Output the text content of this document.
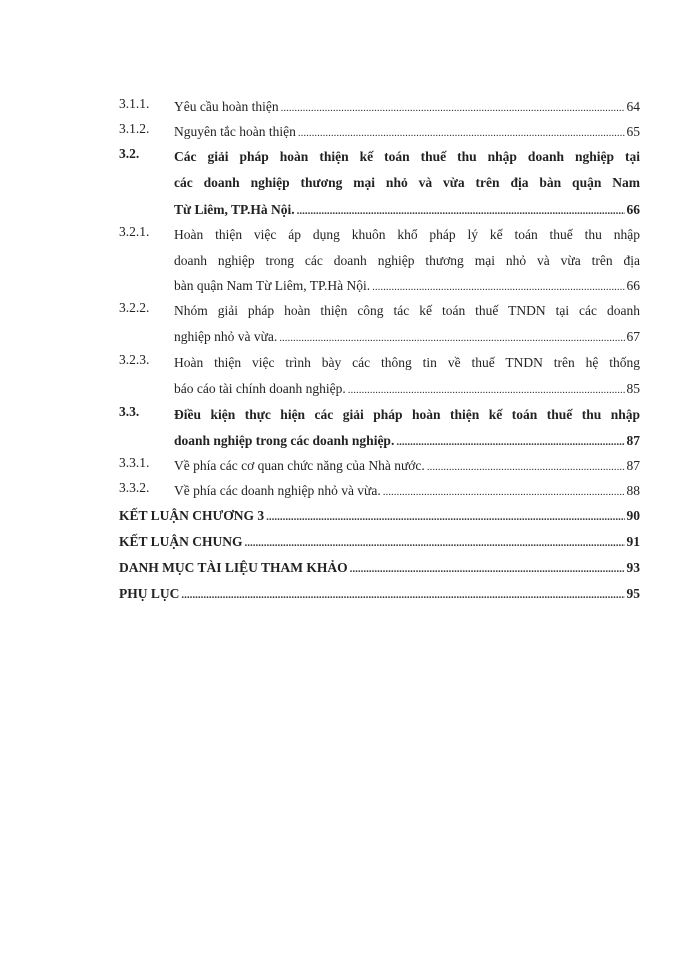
3.1.1. Yêu cầu hoàn thiện .....	64
3.1.2. Nguyên tắc hoàn thiện .....	65
3.2.	Các giải pháp hoàn thiện kế toán thuế thu nhập doanh nghiệp tại
các doanh nghiệp thương mại nhỏ và vừa trên địa bàn quận Nam
Từ Liêm, TP.Hà Nội. .....	66
3.2.1. Hoàn thiện việc áp dụng khuôn khổ pháp lý kế toán thuế thu nhập
doanh nghiệp trong các doanh nghiệp thương mại nhỏ và vừa trên địa
bàn quận Nam Từ Liêm, TP.Hà Nội. .....	66
3.2.2. Nhóm giải pháp hoàn thiện công tác kế toán thuế TNDN tại các doanh
nghiệp nhỏ và vừa. .....	67
3.2.3. Hoàn thiện việc trình bày các thông tin về thuế TNDN trên hệ thống
báo cáo tài chính doanh nghiệp. .....	85
3.3.	Điều kiện thực hiện các giải pháp hoàn thiện kế toán thuế thu nhập
doanh nghiệp trong các doanh nghiệp. .....	87
3.3.1. Về phía các cơ quan chức năng của Nhà nước. .....	87
3.3.2. Về phía các doanh nghiệp nhỏ và vừa. .....	88
KẾT LUẬN CHƯƠNG 3 .....	90
KẾT LUẬN CHUNG .....	91
DANH MỤC TÀI LIỆU THAM KHẢO .....	93
PHỤ LỤC .....	95
